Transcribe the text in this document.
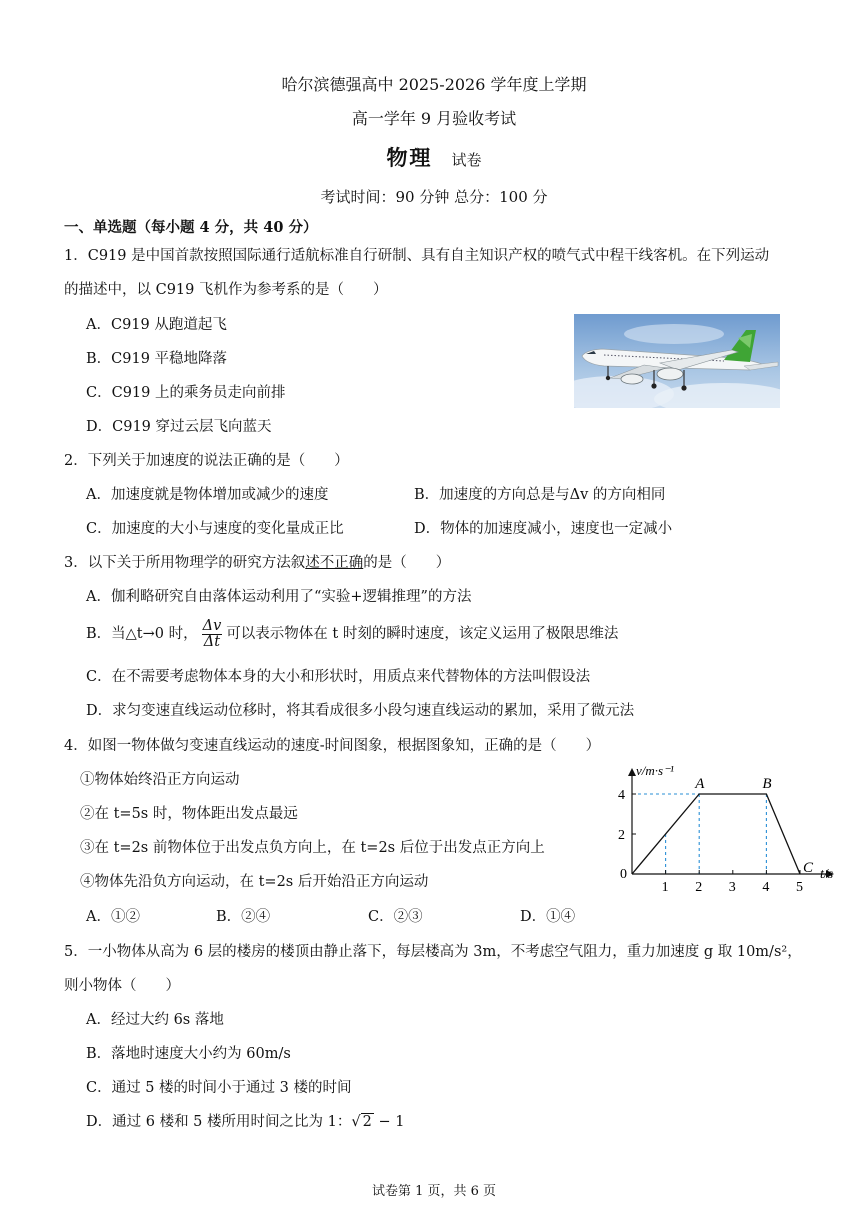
哈尔滨德强高中 2025-2026 学年度上学期
高一学年 9 月验收考试
物理 试卷
考试时间：90 分钟 总分：100 分
一、单选题（每小题 4 分，共 40 分）
1．C919 是中国首款按照国际通行适航标准自行研制、具有自主知识产权的喷气式中程干线客机。在下列运动
的描述中，以 C919 飞机作为参考系的是（　　）
A．C919 从跑道起飞
B．C919 平稳地降落
C．C919 上的乘务员走向前排
D．C919 穿过云层飞向蓝天
2．下列关于加速度的说法正确的是（　　）
A．加速度就是物体增加或减少的速度	B．加速度的方向总是与Δv 的方向相同
C．加速度的大小与速度的变化量成正比	D．物体的加速度减小，速度也一定减小
3．以下关于所用物理学的研究方法叙述不正确的是（　　）
A．伽利略研究自由落体运动利用了“实验+逻辑推理”的方法
B．当△t→0 时， $\frac{\Delta v}{\Delta t}$ 可以表示物体在 t 时刻的瞬时速度，该定义运用了极限思维法
C．在不需要考虑物体本身的大小和形状时，用质点来代替物体的方法叫假设法
D．求匀变速直线运动位移时，将其看成很多小段匀速直线运动的累加，采用了微元法
4．如图一物体做匀变速直线运动的速度-时间图象，根据图象知，正确的是（　　）
①物体始终沿正方向运动
②在 t=5s 时，物体距出发点最远
③在 t=2s 前物体位于出发点负方向上，在 t=2s 后位于出发点正方向上
④物体先沿负方向运动，在 t=2s 后开始沿正方向运动
A．①②	B．②④	C．②③	D．①④
1 2 3 4 5
2
4
A	B
C
v/m·s⁻¹
t/s
0
5．一小物体从高为 6 层的楼房的楼顶由静止落下，每层楼高为 3m，不考虑空气阻力，重力加速度 g 取 10m/s²，
则小物体（　　）
A．经过大约 6s 落地
B．落地时速度大小约为 60m/s
C．通过 5 楼的时间小于通过 3 楼的时间
D．通过 6 楼和 5 楼所用时间之比为 1：√ 2 − 1
试卷第 1 页，共 6 页
